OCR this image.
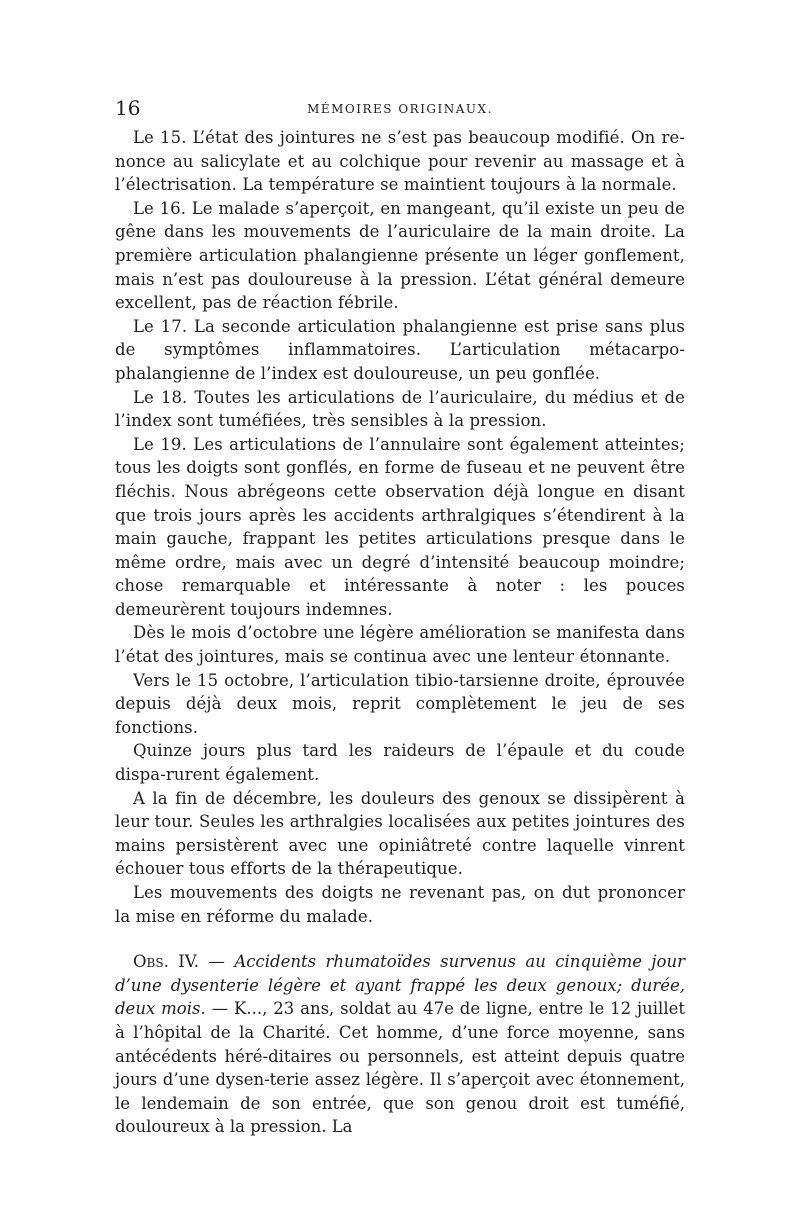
16	MÉMOIRES ORIGINAUX.

Le 15. L’état des jointures ne s’est pas beaucoup modifié. On re-nonce au salicylate et au colchique pour revenir au massage et à l’électrisation. La température se maintient toujours à la normale.

Le 16. Le malade s’aperçoit, en mangeant, qu’il existe un peu de gêne dans les mouvements de l’auriculaire de la main droite. La première articulation phalangienne présente un léger gonflement, mais n’est pas douloureuse à la pression. L’état général demeure excellent, pas de réaction fébrile.

Le 17. La seconde articulation phalangienne est prise sans plus de symptômes inflammatoires. L’articulation métacarpo-phalangienne de l’index est douloureuse, un peu gonflée.

Le 18. Toutes les articulations de l’auriculaire, du médius et de l’index sont tuméfiées, très sensibles à la pression.

Le 19. Les articulations de l’annulaire sont également atteintes; tous les doigts sont gonflés, en forme de fuseau et ne peuvent être fléchis. Nous abrégeons cette observation déjà longue en disant que trois jours après les accidents arthralgiques s’étendirent à la main gauche, frappant les petites articulations presque dans le même ordre, mais avec un degré d’intensité beaucoup moindre; chose remarquable et intéressante à noter : les pouces demeurèrent toujours indemnes.

Dès le mois d’octobre une légère amélioration se manifesta dans l’état des jointures, mais se continua avec une lenteur étonnante.

Vers le 15 octobre, l’articulation tibio-tarsienne droite, éprouvée depuis déjà deux mois, reprit complètement le jeu de ses fonctions.

Quinze jours plus tard les raideurs de l’épaule et du coude dispa-rurent également.

A la fin de décembre, les douleurs des genoux se dissipèrent à leur tour. Seules les arthralgies localisées aux petites jointures des mains persistèrent avec une opiniâtreté contre laquelle vinrent échouer tous efforts de la thérapeutique.

Les mouvements des doigts ne revenant pas, on dut prononcer la mise en réforme du malade.

Obs. IV. — Accidents rhumatoïdes survenus au cinquième jour d’une dysenterie légère et ayant frappé les deux genoux; durée, deux mois. — K..., 23 ans, soldat au 47e de ligne, entre le 12 juillet à l’hôpital de la Charité. Cet homme, d’une force moyenne, sans antécédents héré-ditaires ou personnels, est atteint depuis quatre jours d’une dysen-terie assez légère. Il s’aperçoit avec étonnement, le lendemain de son entrée, que son genou droit est tuméfié, douloureux à la pression. La
